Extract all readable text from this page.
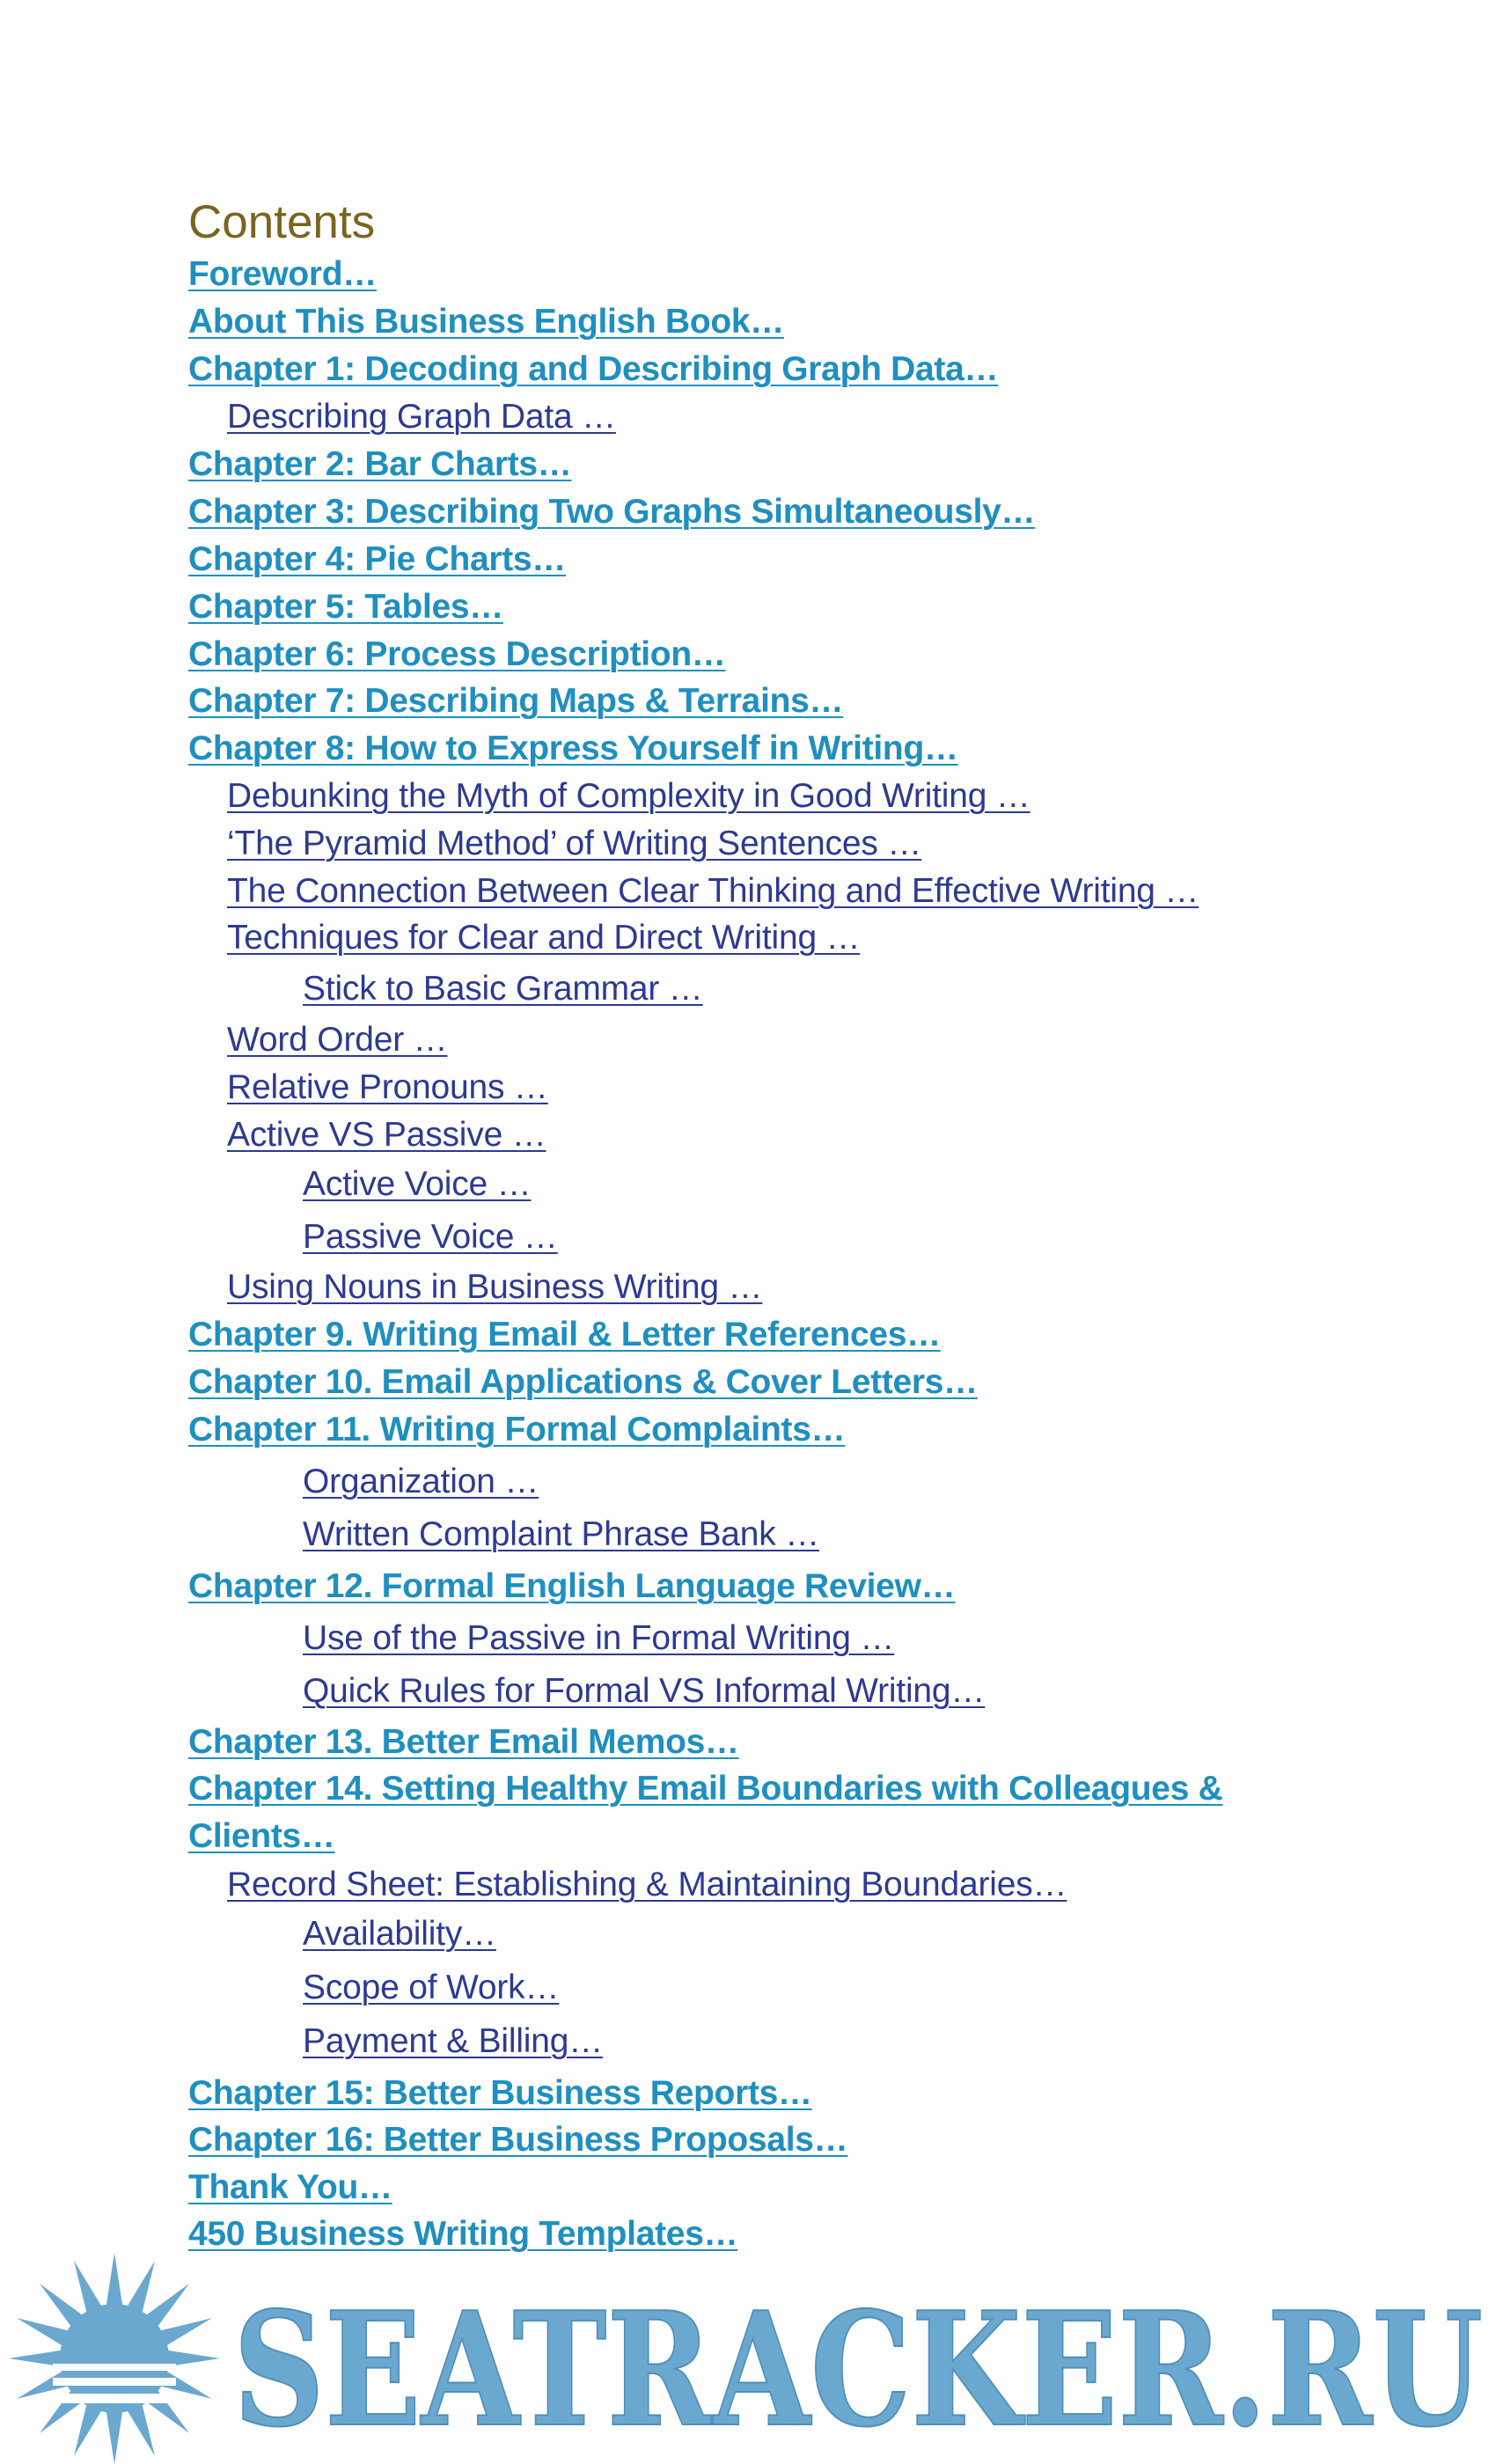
Contents
Foreword…
About This Business English Book…
Chapter 1: Decoding and Describing Graph Data…
Describing Graph Data …
Chapter 2: Bar Charts…
Chapter 3: Describing Two Graphs Simultaneously…
Chapter 4: Pie Charts…
Chapter 5: Tables…
Chapter 6: Process Description…
Chapter 7: Describing Maps & Terrains…
Chapter 8: How to Express Yourself in Writing…
Debunking the Myth of Complexity in Good Writing …
‘The Pyramid Method’ of Writing Sentences …
The Connection Between Clear Thinking and Effective Writing …
Techniques for Clear and Direct Writing …
Stick to Basic Grammar …
Word Order …
Relative Pronouns …
Active VS Passive …
Active Voice …
Passive Voice …
Using Nouns in Business Writing …
Chapter 9. Writing Email & Letter References…
Chapter 10. Email Applications & Cover Letters…
Chapter 11. Writing Formal Complaints…
Organization …
Written Complaint Phrase Bank …
Chapter 12. Formal English Language Review…
Use of the Passive in Formal Writing …
Quick Rules for Formal VS Informal Writing…
Chapter 13. Better Email Memos…
Chapter 14. Setting Healthy Email Boundaries with Colleagues &
Clients…
Record Sheet: Establishing & Maintaining Boundaries…
Availability…
Scope of Work…
Payment & Billing…
Chapter 15: Better Business Reports…
Chapter 16: Better Business Proposals…
Thank You…
450 Business Writing Templates…
SEATRACKER.RU
